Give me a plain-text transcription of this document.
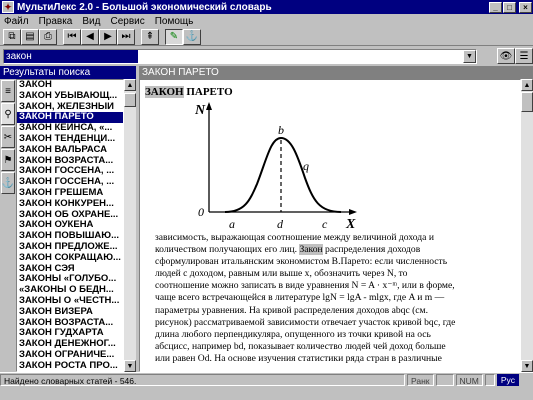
✦ МультиЛекс 2.0 - Большой экономический словарь	_	□	×
Файл	Правка	Вид	Сервис	Помощь
⧉ ▤ ⎙	⏮ ◀	▶ ⏭	⇞	✎ ⚓
закон
▼	👁 ☰
Результаты поиска
≡
⚲
✂
⚑
⚓
ЗАКОН
ЗАКОН УБЫВАЮЩ...
ЗАКОН, ЖЕЛЕЗНЫЙ
ЗАКОН ПАРЕТО
ЗАКОН КЕЙНСА, «...
ЗАКОН ТЕНДЕНЦИ...
ЗАКОН ВАЛЬРАСА
ЗАКОН ВОЗРАСТА...
ЗАКОН ГОССЕНА, ...
ЗАКОН ГОССЕНА, ...
ЗАКОН ГРЕШЕМА
ЗАКОН КОНКУРЕН...
ЗАКОН ОБ ОХРАНЕ...
ЗАКОН ОУКЕНА
ЗАКОН ПОВЫШАЮ...
ЗАКОН ПРЕДЛОЖЕ...
ЗАКОН СОКРАЩАЮ...
ЗАКОН СЭЯ
ЗАКОНЫ «ГОЛУБО...
«ЗАКОНЫ О БЕДН...
ЗАКОНЫ О «ЧЕСТН...
ЗАКОН ВИЗЕРА
ЗАКОН ВОЗРАСТА...
ЗАКОН ГУДХАРТА
ЗАКОН ДЕНЕЖНОГ...
ЗАКОН ОГРАНИЧЕ...
ЗАКОН РОСТА ПРО...
▲
▼
ЗАКОН ПАРЕТО
ЗАКОН ПАРЕТО
N
0
X
a
b
c
d
q
зависимость, выражающая соотношение между величиной дохода и
количеством получающих его лиц. Закон распределения доходов
сформулирован итальянским экономистом В.Парето: если численность
людей с доходом, равным или выше x, обозначить через N, то
соотношение можно записать в виде уравнения N = A · x⁻ᵐ, или в форме,
чаще всего встречающейся в литературе lgN = lgA - mlgx, где A и m —
параметры уравнения. На кривой распределения доходов abqc (см.
рисунок) рассматриваемой зависимости отвечает участок кривой bqc, где
длина любого перпендикуляра, опущенного из точки кривой на ось
абсцисс, например bd, показывает количество людей чей доход больше
или равен Od. На основе изучения статистики ряда стран в различные
▲
▼
Найдено словарных статей - 546.	Ранк	NUM	Рус
